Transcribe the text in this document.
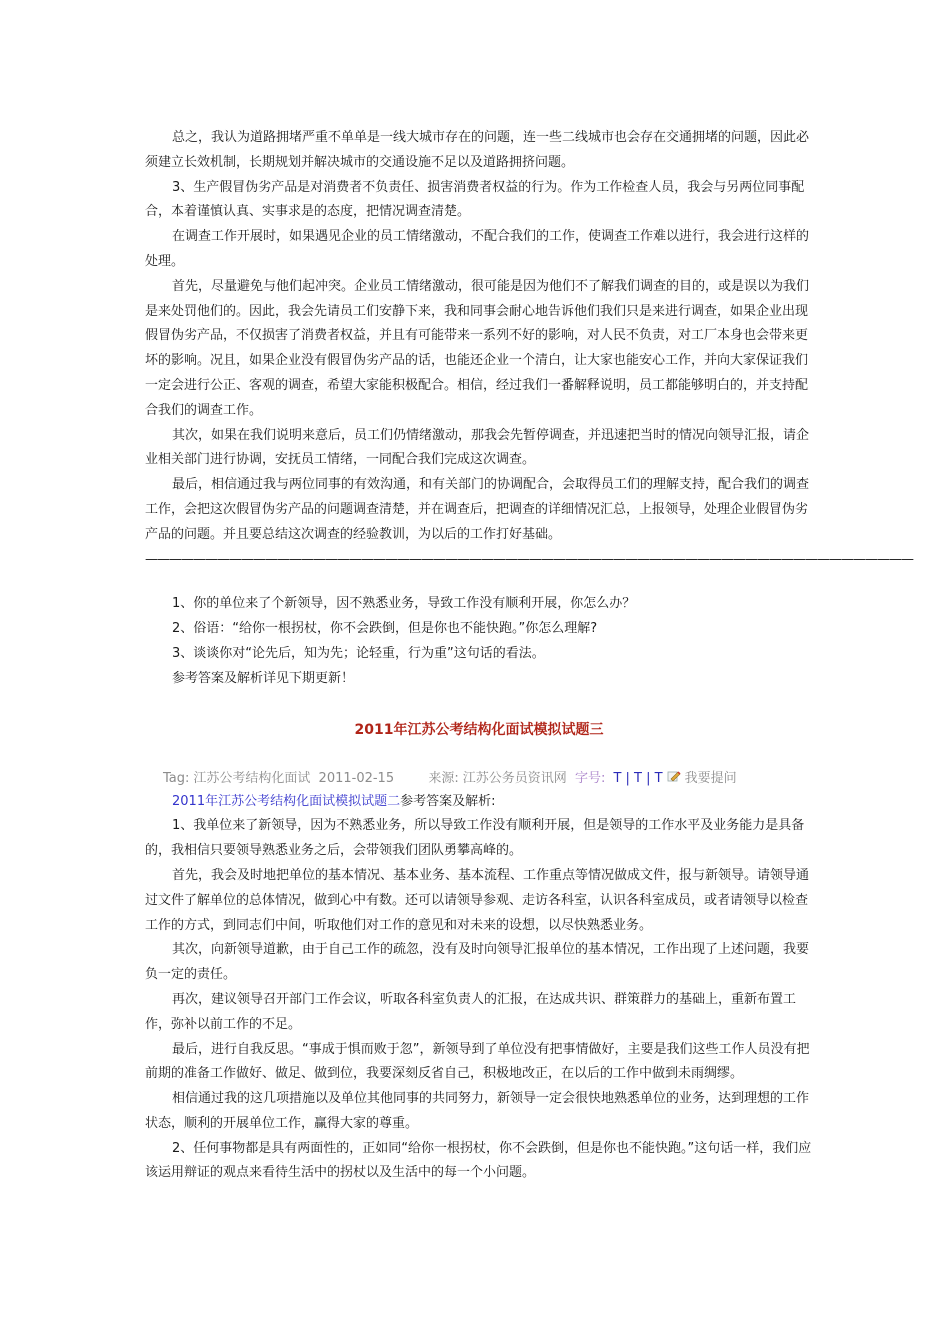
总之，我认为道路拥堵严重不单单是一线大城市存在的问题，连一些二线城市也会存在交通拥堵的问题，因此必须建立长效机制，长期规划并解决城市的交通设施不足以及道路拥挤问题。

3、生产假冒伪劣产品是对消费者不负责任、损害消费者权益的行为。作为工作检查人员，我会与另两位同事配合，本着谨慎认真、实事求是的态度，把情况调查清楚。

在调查工作开展时，如果遇见企业的员工情绪激动，不配合我们的工作，使调查工作难以进行，我会进行这样的处理。

首先，尽量避免与他们起冲突。企业员工情绪激动，很可能是因为他们不了解我们调查的目的，或是误以为我们是来处罚他们的。因此，我会先请员工们安静下来，我和同事会耐心地告诉他们我们只是来进行调查，如果企业出现假冒伪劣产品，不仅损害了消费者权益，并且有可能带来一系列不好的影响，对人民不负责，对工厂本身也会带来更坏的影响。况且，如果企业没有假冒伪劣产品的话，也能还企业一个清白，让大家也能安心工作，并向大家保证我们一定会进行公正、客观的调查，希望大家能积极配合。相信，经过我们一番解释说明，员工都能够明白的，并支持配合我们的调查工作。

其次，如果在我们说明来意后，员工们仍情绪激动，那我会先暂停调查，并迅速把当时的情况向领导汇报，请企业相关部门进行协调，安抚员工情绪，一同配合我们完成这次调查。

最后，相信通过我与两位同事的有效沟通，和有关部门的协调配合，会取得员工们的理解支持，配合我们的调查工作，会把这次假冒伪劣产品的问题调查清楚，并在调查后，把调查的详细情况汇总，上报领导，处理企业假冒伪劣产品的问题。并且要总结这次调查的经验教训，为以后的工作打好基础。

————————————————————————————————————————————————————————————————

1、你的单位来了个新领导，因不熟悉业务，导致工作没有顺利开展，你怎么办？

2、俗语：“给你一根拐杖，你不会跌倒，但是你也不能快跑。”你怎么理解?

3、谈谈你对“论先后，知为先；论轻重，行为重”这句话的看法。

参考答案及解析详见下期更新！

2011年江苏公考结构化面试模拟试题三
Tag: 江苏公考结构化面试 2011-02-15	来源: 江苏公务员资讯网 字号: T | T | T 我要提问

2011年江苏公考结构化面试模拟试题二参考答案及解析:

1、我单位来了新领导，因为不熟悉业务，所以导致工作没有顺利开展，但是领导的工作水平及业务能力是具备的，我相信只要领导熟悉业务之后，会带领我们团队勇攀高峰的。

首先，我会及时地把单位的基本情况、基本业务、基本流程、工作重点等情况做成文件，报与新领导。请领导通过文件了解单位的总体情况，做到心中有数。还可以请领导参观、走访各科室，认识各科室成员，或者请领导以检查工作的方式，到同志们中间，听取他们对工作的意见和对未来的设想，以尽快熟悉业务。

其次，向新领导道歉，由于自己工作的疏忽，没有及时向领导汇报单位的基本情况，工作出现了上述问题，我要负一定的责任。

再次，建议领导召开部门工作会议，听取各科室负责人的汇报，在达成共识、群策群力的基础上，重新布置工作，弥补以前工作的不足。

最后，进行自我反思。“事成于惧而败于忽”，新领导到了单位没有把事情做好，主要是我们这些工作人员没有把前期的准备工作做好、做足、做到位，我要深刻反省自己，积极地改正，在以后的工作中做到未雨绸缪。

相信通过我的这几项措施以及单位其他同事的共同努力，新领导一定会很快地熟悉单位的业务，达到理想的工作状态，顺利的开展单位工作，赢得大家的尊重。

2、任何事物都是具有两面性的，正如同“给你一根拐杖，你不会跌倒，但是你也不能快跑。”这句话一样，我们应该运用辩证的观点来看待生活中的拐杖以及生活中的每一个小问题。
